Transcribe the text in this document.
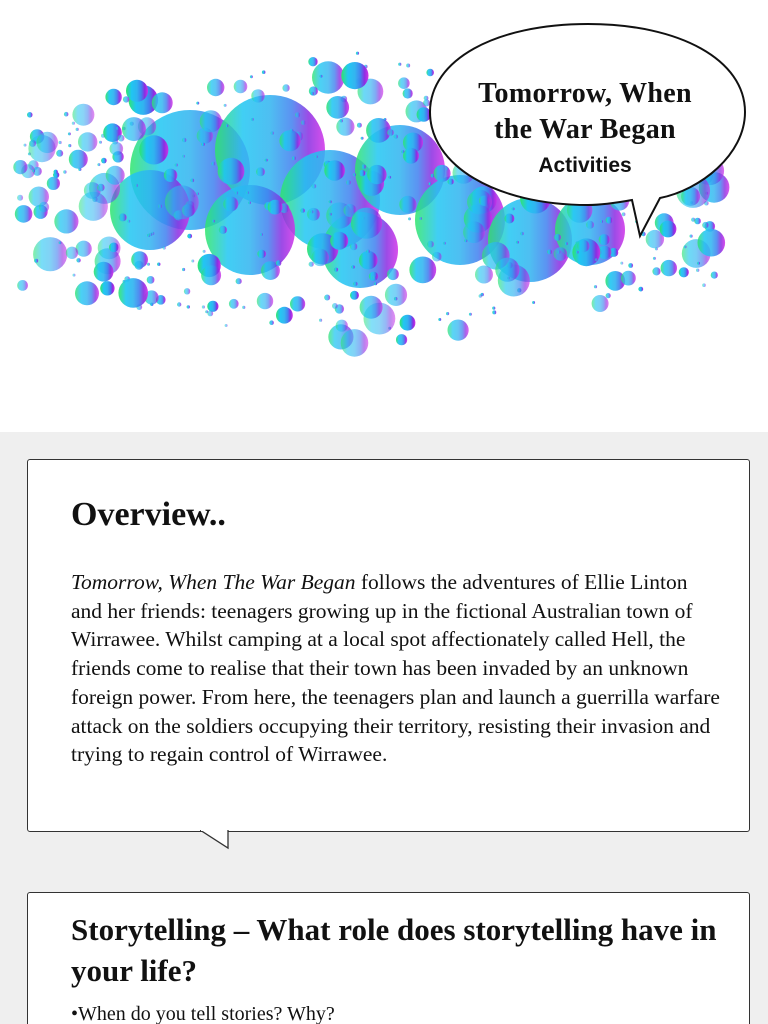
Tomorrow, When
the War Began
Activities
Overview..
Tomorrow, When The War Began follows the adventures of Ellie Linton and her friends: teenagers growing up in the fictional Australian town of Wirrawee. Whilst camping at a local spot affectionately called Hell, the friends come to realise that their town has been invaded by an unknown foreign power. From here, the teenagers plan and launch a guerrilla warfare attack on the soldiers occupying their territory, resisting their invasion and trying to regain control of Wirrawee.
Storytelling – What role does storytelling have in your life?
•When do you tell stories? Why?
